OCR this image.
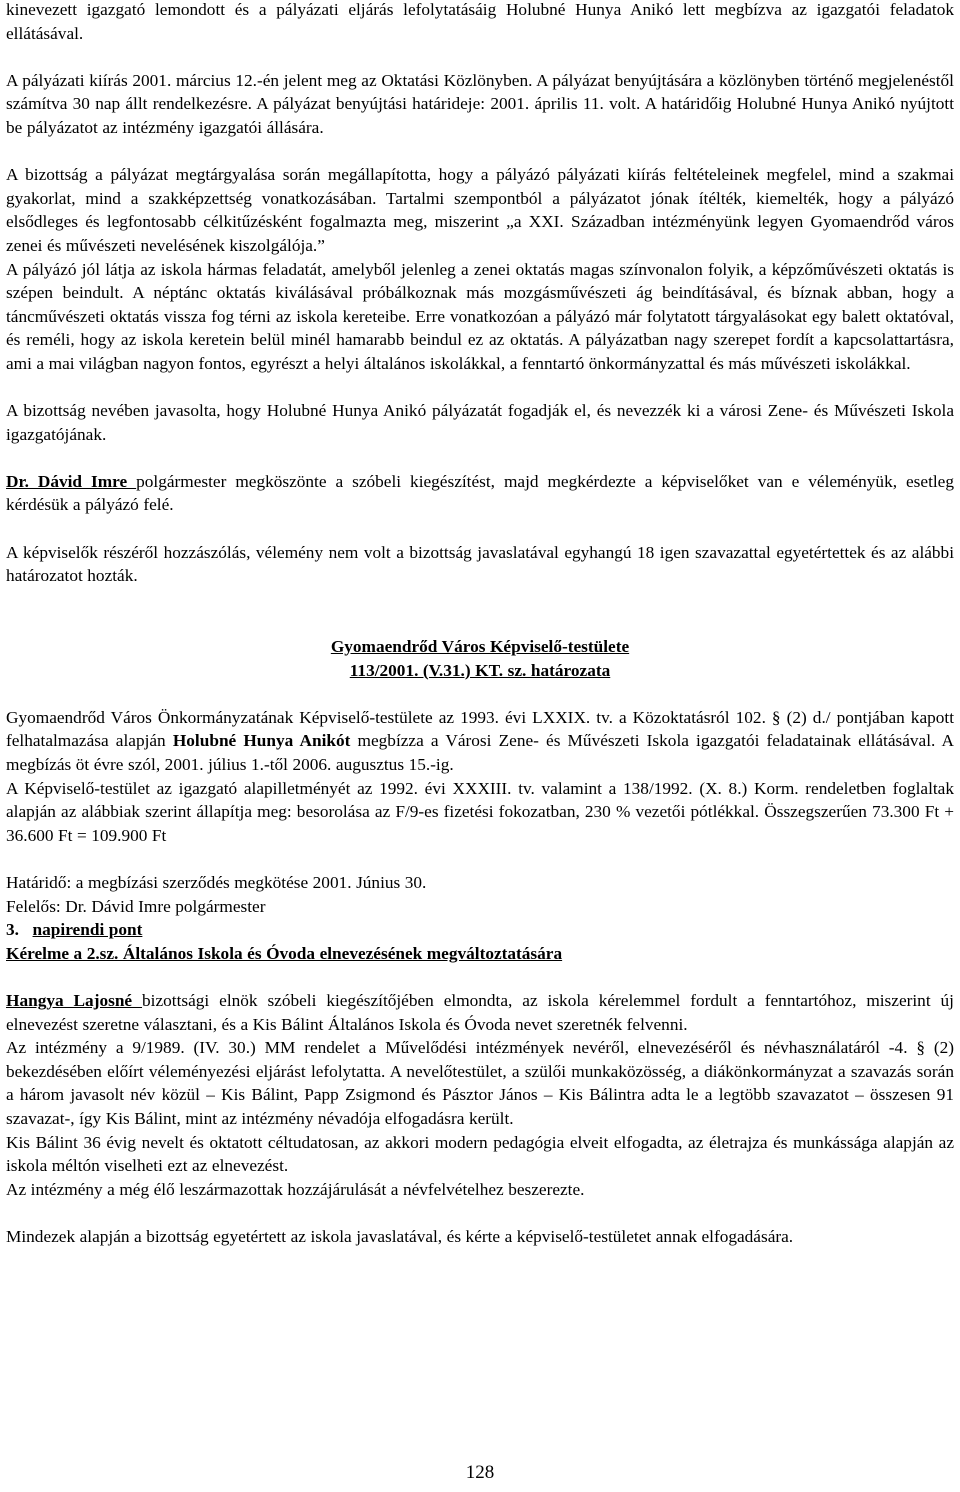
kinevezett igazgató lemondott és a pályázati eljárás lefolytatásáig Holubné Hunya Anikó lett megbízva az igazgatói feladatok ellátásával.

A pályázati kiírás 2001. március 12.-én jelent meg az Oktatási Közlönyben. A pályázat benyújtására a közlönyben történő megjelenéstől számítva 30 nap állt rendelkezésre. A pályázat benyújtási határideje: 2001. április 11. volt. A határidőig Holubné Hunya Anikó nyújtott be pályázatot az intézmény igazgatói állására.

A bizottság a pályázat megtárgyalása során megállapította, hogy a pályázó pályázati kiírás feltételeinek megfelel, mind a szakmai gyakorlat, mind a szakképzettség vonatkozásában. Tartalmi szempontból a pályázatot jónak ítélték, kiemelték, hogy a pályázó elsődleges és legfontosabb célkitűzésként fogalmazta meg, miszerint „a XXI. Században intézményünk legyen Gyomaendrőd város zenei és művészeti nevelésének kiszolgálója.”

A pályázó jól látja az iskola hármas feladatát, amelyből jelenleg a zenei oktatás magas színvonalon folyik, a képzőművészeti oktatás is szépen beindult. A néptánc oktatás kiválásával próbálkoznak más mozgásművészeti ág beindításával, és bíznak abban, hogy a táncművészeti oktatás vissza fog térni az iskola kereteibe. Erre vonatkozóan a pályázó már folytatott tárgyalásokat egy balett oktatóval, és reméli, hogy az iskola keretein belül minél hamarabb beindul ez az oktatás. A pályázatban nagy szerepet fordít a kapcsolattartásra, ami a mai világban nagyon fontos, egyrészt a helyi általános iskolákkal, a fenntartó önkormányzattal és más művészeti iskolákkal.

A bizottság nevében javasolta, hogy Holubné Hunya Anikó pályázatát fogadják el, és nevezzék ki a városi Zene- és Művészeti Iskola igazgatójának.

Dr. Dávid Imre polgármester megköszönte a szóbeli kiegészítést, majd megkérdezte a képviselőket van e véleményük, esetleg kérdésük a pályázó felé.

A képviselők részéről hozzászólás, vélemény nem volt a bizottság javaslatával egyhangú 18 igen szavazattal egyetértettek és az alábbi határozatot hozták.

Gyomaendrőd Város Képviselő-testülete

113/2001. (V.31.) KT. sz. határozata

Gyomaendrőd Város Önkormányzatának Képviselő-testülete az 1993. évi LXXIX. tv. a Közoktatásról 102. § (2) d./ pontjában kapott felhatalmazása alapján Holubné Hunya Anikót megbízza a Városi Zene- és Művészeti Iskola igazgatói feladatainak ellátásával. A megbízás öt évre szól, 2001. július 1.-től 2006. augusztus 15.-ig.

A Képviselő-testület az igazgató alapilletményét az 1992. évi XXXIII. tv. valamint a 138/1992. (X. 8.) Korm. rendeletben foglaltak alapján az alábbiak szerint állapítja meg: besorolása az F/9-es fizetési fokozatban, 230 % vezetői pótlékkal. Összegszerűen 73.300 Ft + 36.600 Ft = 109.900 Ft

Határidő: a megbízási szerződés megkötése 2001. Június 30.

Felelős: Dr. Dávid Imre polgármester

3. napirendi pont

Kérelme a 2.sz. Általános Iskola és Óvoda elnevezésének megváltoztatására

Hangya Lajosné bizottsági elnök szóbeli kiegészítőjében elmondta, az iskola kérelemmel fordult a fenntartóhoz, miszerint új elnevezést szeretne választani, és a Kis Bálint Általános Iskola és Óvoda nevet szeretnék felvenni.

Az intézmény a 9/1989. (IV. 30.) MM rendelet a Művelődési intézmények nevéről, elnevezéséről és névhasználatáról -4. § (2) bekezdésében előírt véleményezési eljárást lefolytatta. A nevelőtestület, a szülői munkaközösség, a diákönkormányzat a szavazás során a három javasolt név közül – Kis Bálint, Papp Zsigmond és Pásztor János – Kis Bálintra adta le a legtöbb szavazatot – összesen 91 szavazat-, így Kis Bálint, mint az intézmény névadója elfogadásra került.

Kis Bálint 36 évig nevelt és oktatott céltudatosan, az akkori modern pedagógia elveit elfogadta, az életrajza és munkássága alapján az iskola méltón viselheti ezt az elnevezést.

Az intézmény a még élő leszármazottak hozzájárulását a névfelvételhez beszerezte.

Mindezek alapján a bizottság egyetértett az iskola javaslatával, és kérte a képviselő-testületet annak elfogadására.

128
